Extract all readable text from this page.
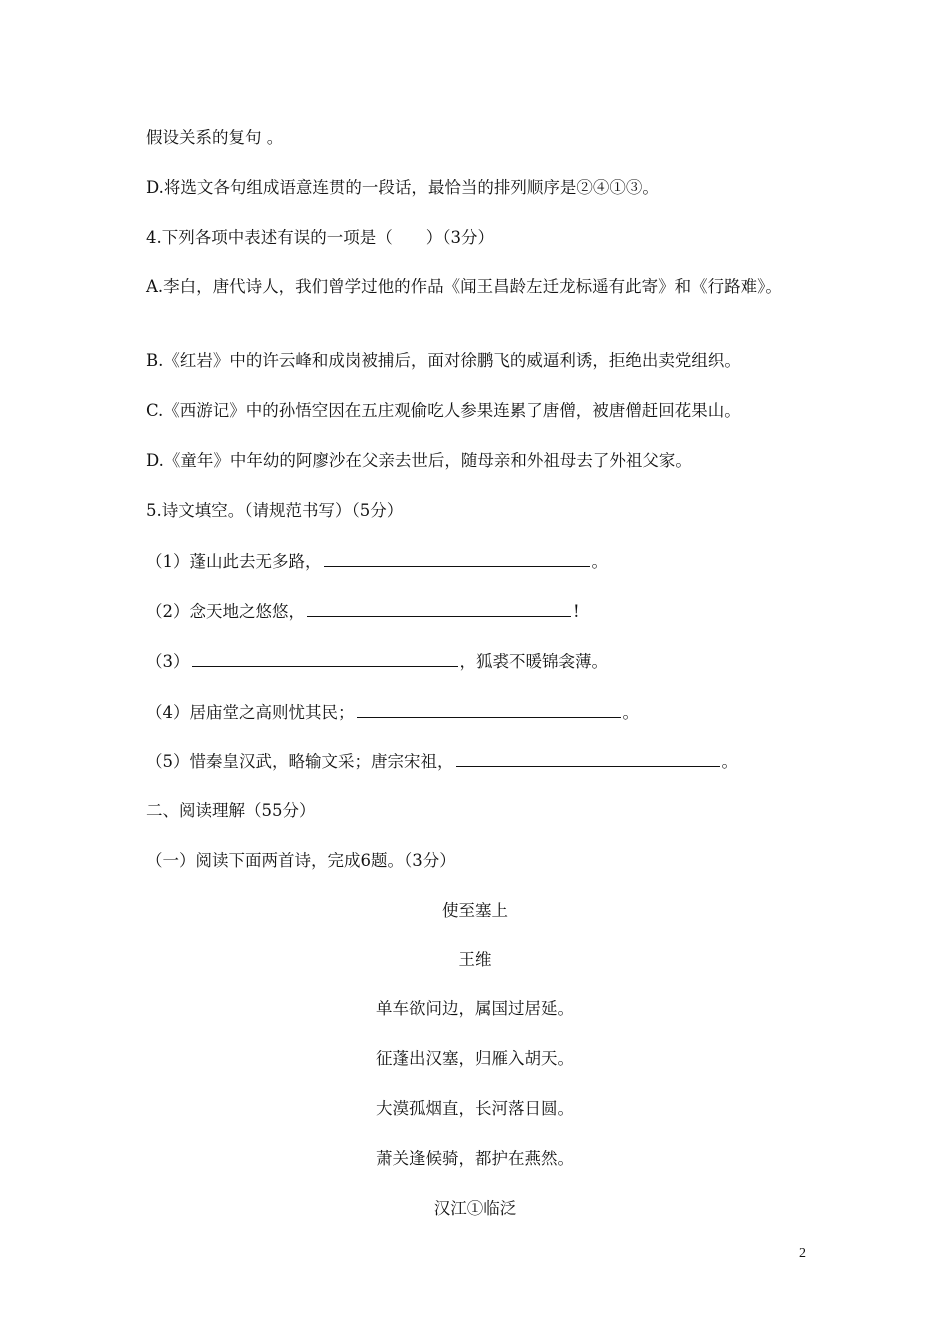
假设关系的复句 。
D.将选文各句组成语意连贯的一段话，最恰当的排列顺序是②④①③。
4.下列各项中表述有误的一项是（　　）（3分）
A.李白，唐代诗人，我们曾学过他的作品《闻王昌龄左迁龙标遥有此寄》和《行路难》。
B.《红岩》中的许云峰和成岗被捕后，面对徐鹏飞的威逼利诱，拒绝出卖党组织。
C.《西游记》中的孙悟空因在五庄观偷吃人参果连累了唐僧，被唐僧赶回花果山。
D.《童年》中年幼的阿廖沙在父亲去世后，随母亲和外祖母去了外祖父家。
5.诗文填空。（请规范书写）（5分）
（1）蓬山此去无多路，	。
（2）念天地之悠悠，	!
（3）	，狐裘不暖锦衾薄。
（4）居庙堂之高则忧其民；	。
（5）惜秦皇汉武，略输文采；唐宗宋祖，	。
二、阅读理解（55分）
（一）阅读下面两首诗，完成6题。（3分）
使至塞上
王维
单车欲问边，属国过居延。
征蓬出汉塞，归雁入胡天。
大漠孤烟直，长河落日圆。
萧关逢候骑，都护在燕然。
汉江①临泛
2
